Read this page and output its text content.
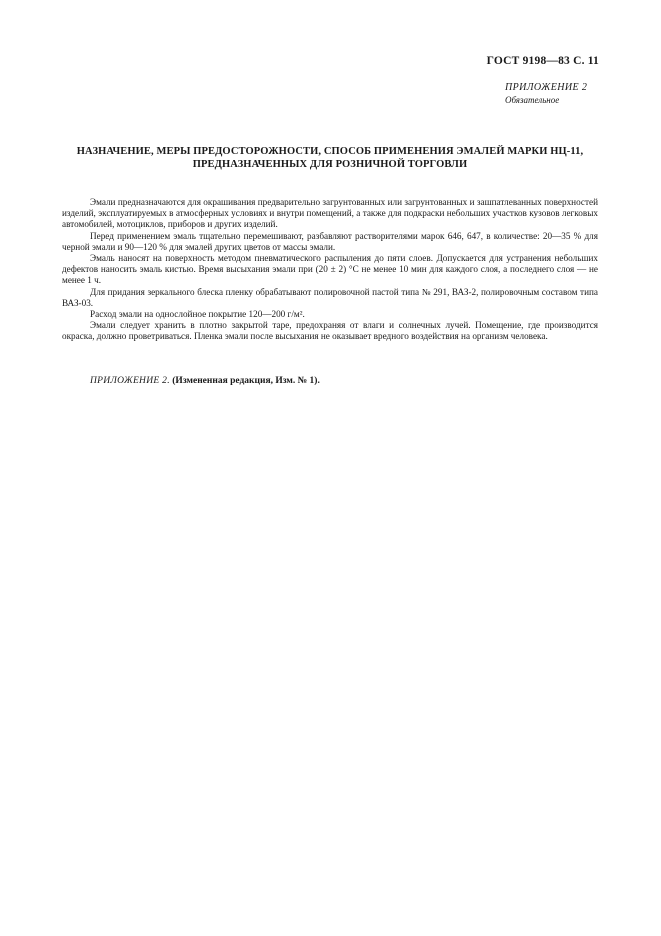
ГОСТ 9198—83 С. 11
ПРИЛОЖЕНИЕ 2
Обязательное
НАЗНАЧЕНИЕ, МЕРЫ ПРЕДОСТОРОЖНОСТИ, СПОСОБ ПРИМЕНЕНИЯ ЭМАЛЕЙ МАРКИ НЦ-11,
ПРЕДНАЗНАЧЕННЫХ ДЛЯ РОЗНИЧНОЙ ТОРГОВЛИ

Эмали предназначаются для окрашивания предварительно загрунтованных или загрунтованных и зашпатлеванных поверхностей изделий, эксплуатируемых в атмосферных условиях и внутри помещений, а также для подкраски небольших участков кузовов легковых автомобилей, мотоциклов, приборов и других изделий.

Перед применением эмаль тщательно перемешивают, разбавляют растворителями марок 646, 647, в количестве: 20—35 % для черной эмали и 90—120 % для эмалей других цветов от массы эмали.

Эмаль наносят на поверхность методом пневматического распыления до пяти слоев. Допускается для устранения небольших дефектов наносить эмаль кистью. Время высыхания эмали при (20 ± 2) °С не менее 10 мин для каждого слоя, а последнего слоя — не менее 1 ч.

Для придания зеркального блеска пленку обрабатывают полировочной пастой типа № 291, ВАЗ-2, полировочным составом типа ВАЗ-03.

Расход эмали на однослойное покрытие 120—200 г/м².

Эмали следует хранить в плотно закрытой таре, предохраняя от влаги и солнечных лучей. Помещение, где производится окраска, должно проветриваться. Пленка эмали после высыхания не оказывает вредного воздействия на организм человека.

ПРИЛОЖЕНИЕ 2. (Измененная редакция, Изм. № 1).
